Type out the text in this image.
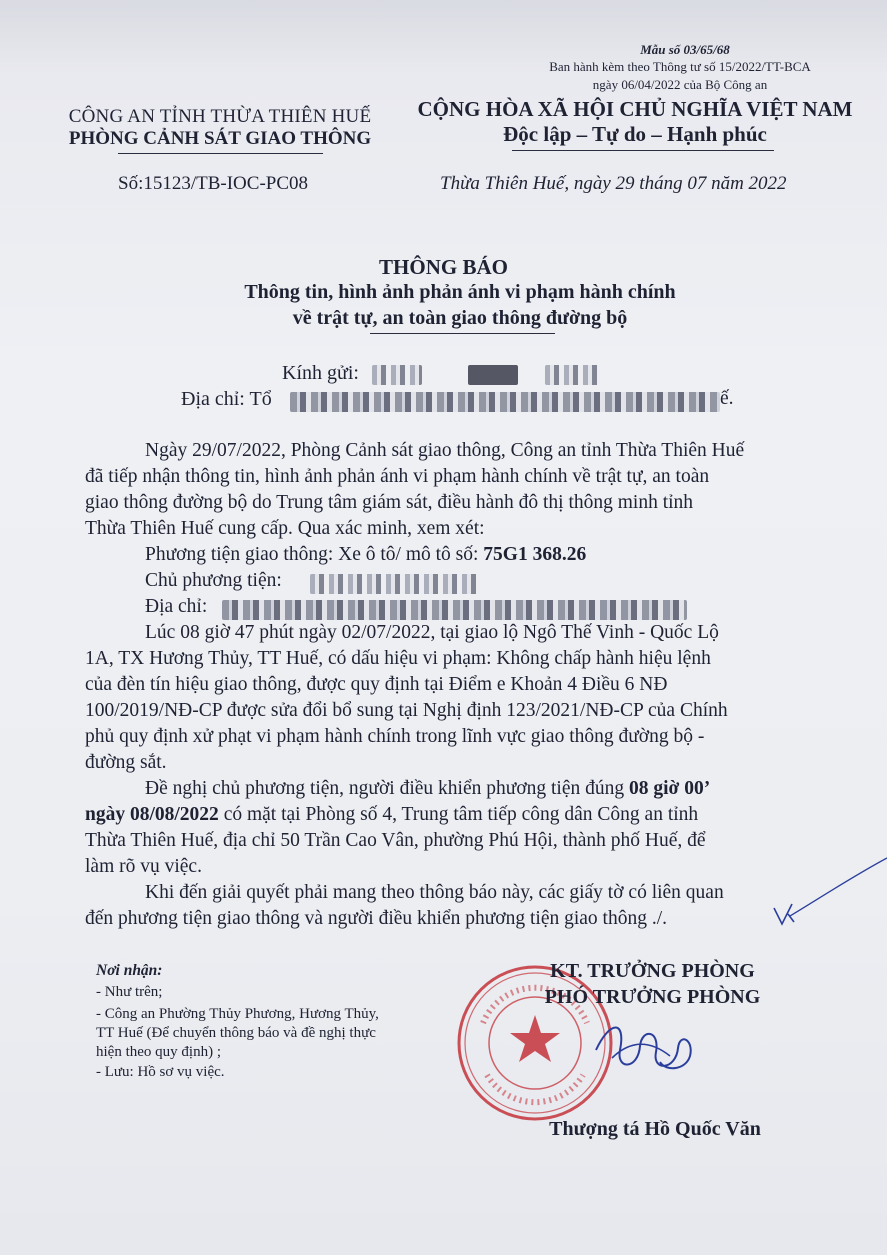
Mẫu số 03/65/68
Ban hành kèm theo Thông tư số 15/2022/TT-BCA
ngày 06/04/2022 của Bộ Công an
CÔNG AN TỈNH THỪA THIÊN HUẾ
PHÒNG CẢNH SÁT GIAO THÔNG
CỘNG HÒA XÃ HỘI CHỦ NGHĨA VIỆT NAM
Độc lập – Tự do – Hạnh phúc
Số:15123/TB-IOC-PC08	Thừa Thiên Huế, ngày 29 tháng 07 năm 2022
THÔNG BÁO
Thông tin, hình ảnh phản ánh vi phạm hành chính
về trật tự, an toàn giao thông đường bộ
Kính gửi:
Địa chỉ: Tổ	ế.
Ngày 29/07/2022, Phòng Cảnh sát giao thông, Công an tỉnh Thừa Thiên Huế
đã tiếp nhận thông tin, hình ảnh phản ánh vi phạm hành chính về trật tự, an toàn
giao thông đường bộ do Trung tâm giám sát, điều hành đô thị thông minh tỉnh
Thừa Thiên Huế cung cấp. Qua xác minh, xem xét:
Phương tiện giao thông: Xe ô tô/ mô tô số: 75G1 368.26
Chủ phương tiện:
Địa chỉ:
Lúc 08 giờ 47 phút ngày 02/07/2022, tại giao lộ Ngô Thế Vinh - Quốc Lộ
1A, TX Hương Thủy, TT Huế, có dấu hiệu vi phạm: Không chấp hành hiệu lệnh
của đèn tín hiệu giao thông, được quy định tại Điểm e Khoản 4 Điều 6 NĐ
100/2019/NĐ-CP được sửa đổi bổ sung tại Nghị định 123/2021/NĐ-CP của Chính
phủ quy định xử phạt vi phạm hành chính trong lĩnh vực giao thông đường bộ -
đường sắt.
Đề nghị chủ phương tiện, người điều khiển phương tiện đúng 08 giờ 00’
ngày 08/08/2022 có mặt tại Phòng số 4, Trung tâm tiếp công dân Công an tỉnh
Thừa Thiên Huế, địa chỉ 50 Trần Cao Vân, phường Phú Hội, thành phố Huế, để
làm rõ vụ việc.
Khi đến giải quyết phải mang theo thông báo này, các giấy tờ có liên quan
đến phương tiện giao thông và người điều khiển phương tiện giao thông ./.
Nơi nhận:
- Như trên;
- Công an Phường Thủy Phương, Hương Thủy,
TT Huế (Để chuyển thông báo và đề nghị thực
hiện theo quy định) ;
- Lưu: Hồ sơ vụ việc.
KT. TRƯỞNG PHÒNG
PHÓ TRƯỞNG PHÒNG
Thượng tá Hồ Quốc Văn
